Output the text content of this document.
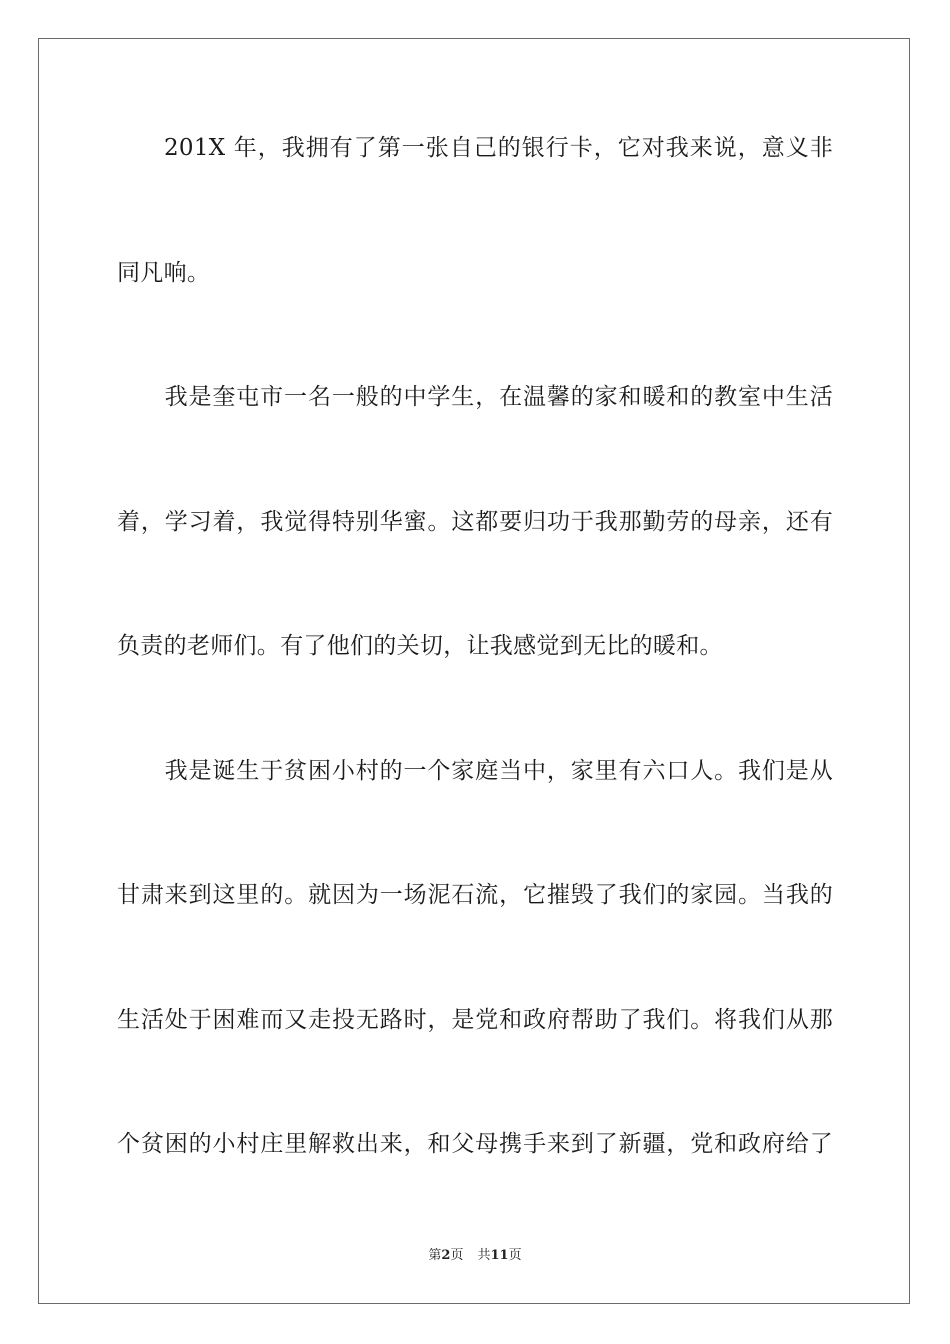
201X 年，我拥有了第一张自己的银行卡，它对我来说，意义非
同凡响。
我是奎屯市一名一般的中学生，在温馨的家和暖和的教室中生活
着，学习着，我觉得特别华蜜。这都要归功于我那勤劳的母亲，还有
负责的老师们。有了他们的关切，让我感觉到无比的暖和。
我是诞生于贫困小村的一个家庭当中，家里有六口人。我们是从
甘肃来到这里的。就因为一场泥石流，它摧毁了我们的家园。当我的
生活处于困难而又走投无路时，是党和政府帮助了我们。将我们从那
个贫困的小村庄里解救出来，和父母携手来到了新疆，党和政府给了
第2页 共11页
